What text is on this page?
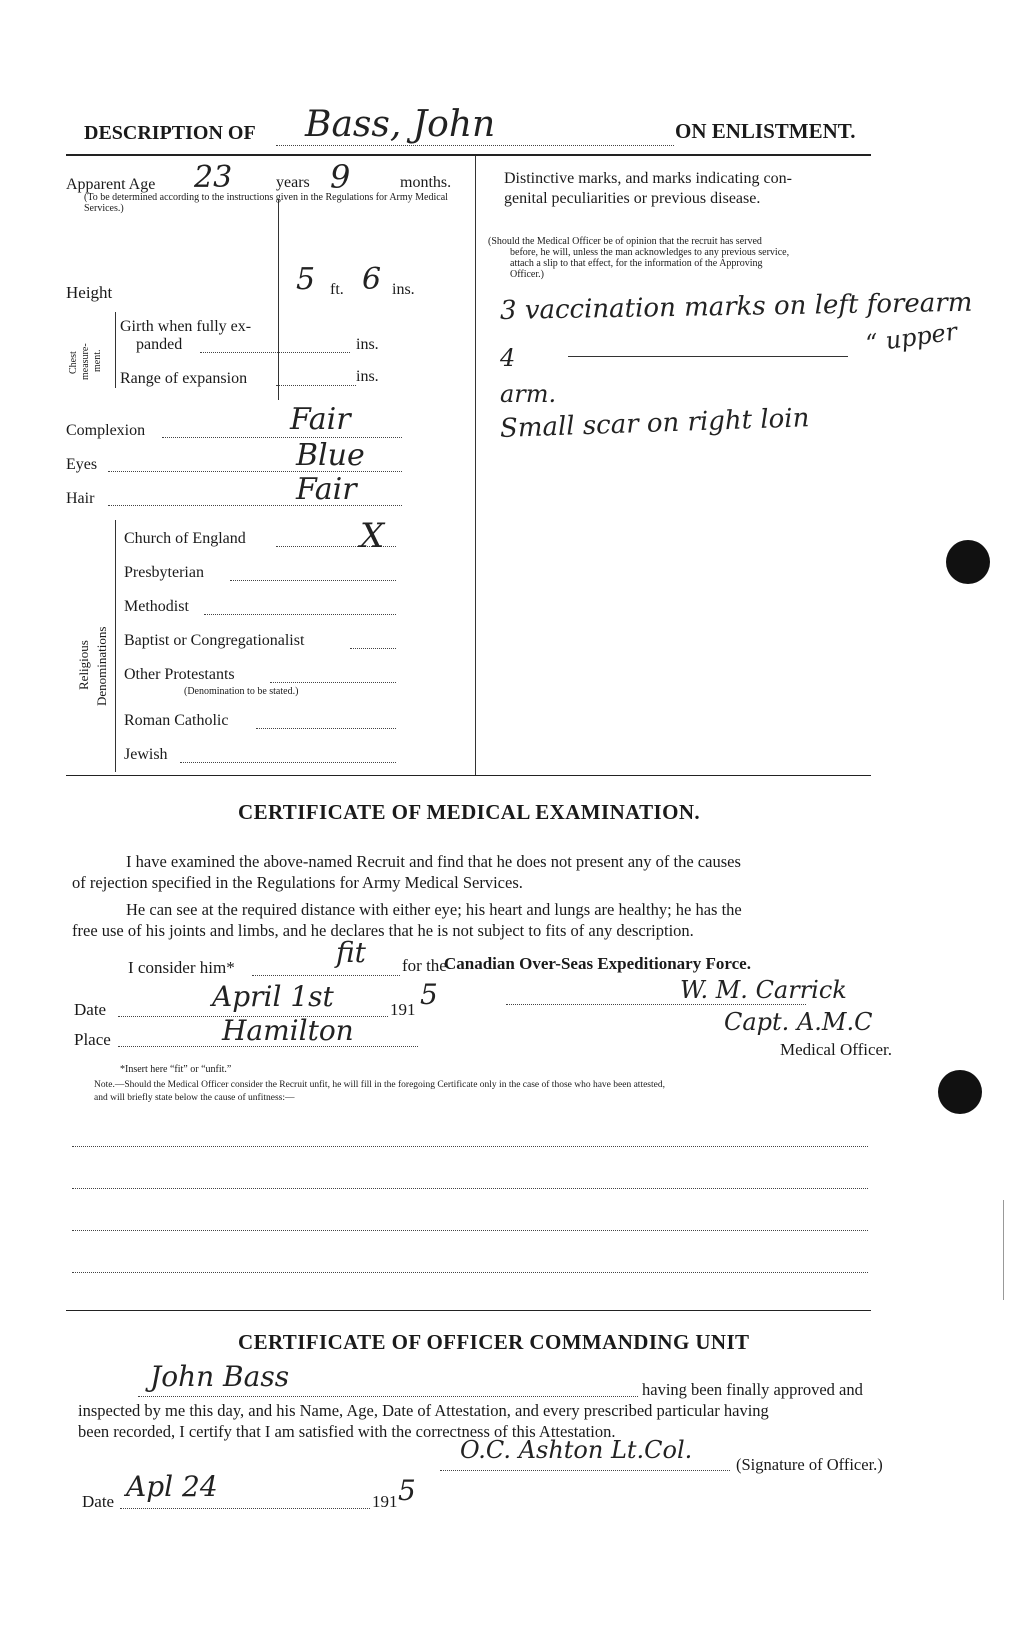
DESCRIPTION OF Bass, John	ON ENLISTMENT.
Apparent Age 23	years 9	months.
(To be determined according to the instructions given in the Regulations for Army Medical Services.)
Height	5 ft. 6 ins.
Chest measure- ment.
Girth when fully ex-
panded	ins.
Range of expansion	ins.
Complexion	Fair
Eyes	Blue
Hair	Fair
Religious Denominations
Church of England	X
Presbyterian
Methodist
Baptist or Congregationalist
Other Protestants
(Denomination to be stated.)
Roman Catholic
Jewish
Distinctive marks, and marks indicating con-
genital peculiarities or previous disease.
(Should the Medical Officer be of opinion that the recruit has served
before, he will, unless the man acknowledges to any previous service,
attach a slip to that effect, for the information of the Approving
Officer.)
3 vaccination marks on left forearm
4
“ upper
arm.
Small scar on right loin
CERTIFICATE OF MEDICAL EXAMINATION.
I have examined the above-named Recruit and find that he does not present any of the causes
of rejection specified in the Regulations for Army Medical Services.
He can see at the required distance with either eye; his heart and lungs are healthy; he has the
free use of his joints and limbs, and he declares that he is not subject to fits of any description.
I consider him*	fit for the
Canadian Over-Seas Expeditionary Force.
Date	April 1st	191 5	W. M. Carrick
Place	Hamilton	Capt. A.M.C
Medical Officer.
*Insert here “fit” or “unfit.”
Note.—Should the Medical Officer consider the Recruit unfit, he will fill in the foregoing Certificate only in the case of those who have been attested,
and will briefly state below the cause of unfitness:—
CERTIFICATE OF OFFICER COMMANDING UNIT
John Bass	having been finally approved and
inspected by me this day, and his Name, Age, Date of Attestation, and every prescribed particular having
been recorded, I certify that I am satisfied with the correctness of this Attestation.
O.C. Ashton Lt.Col.
(Signature of Officer.)
Date Apl 24	191 5
